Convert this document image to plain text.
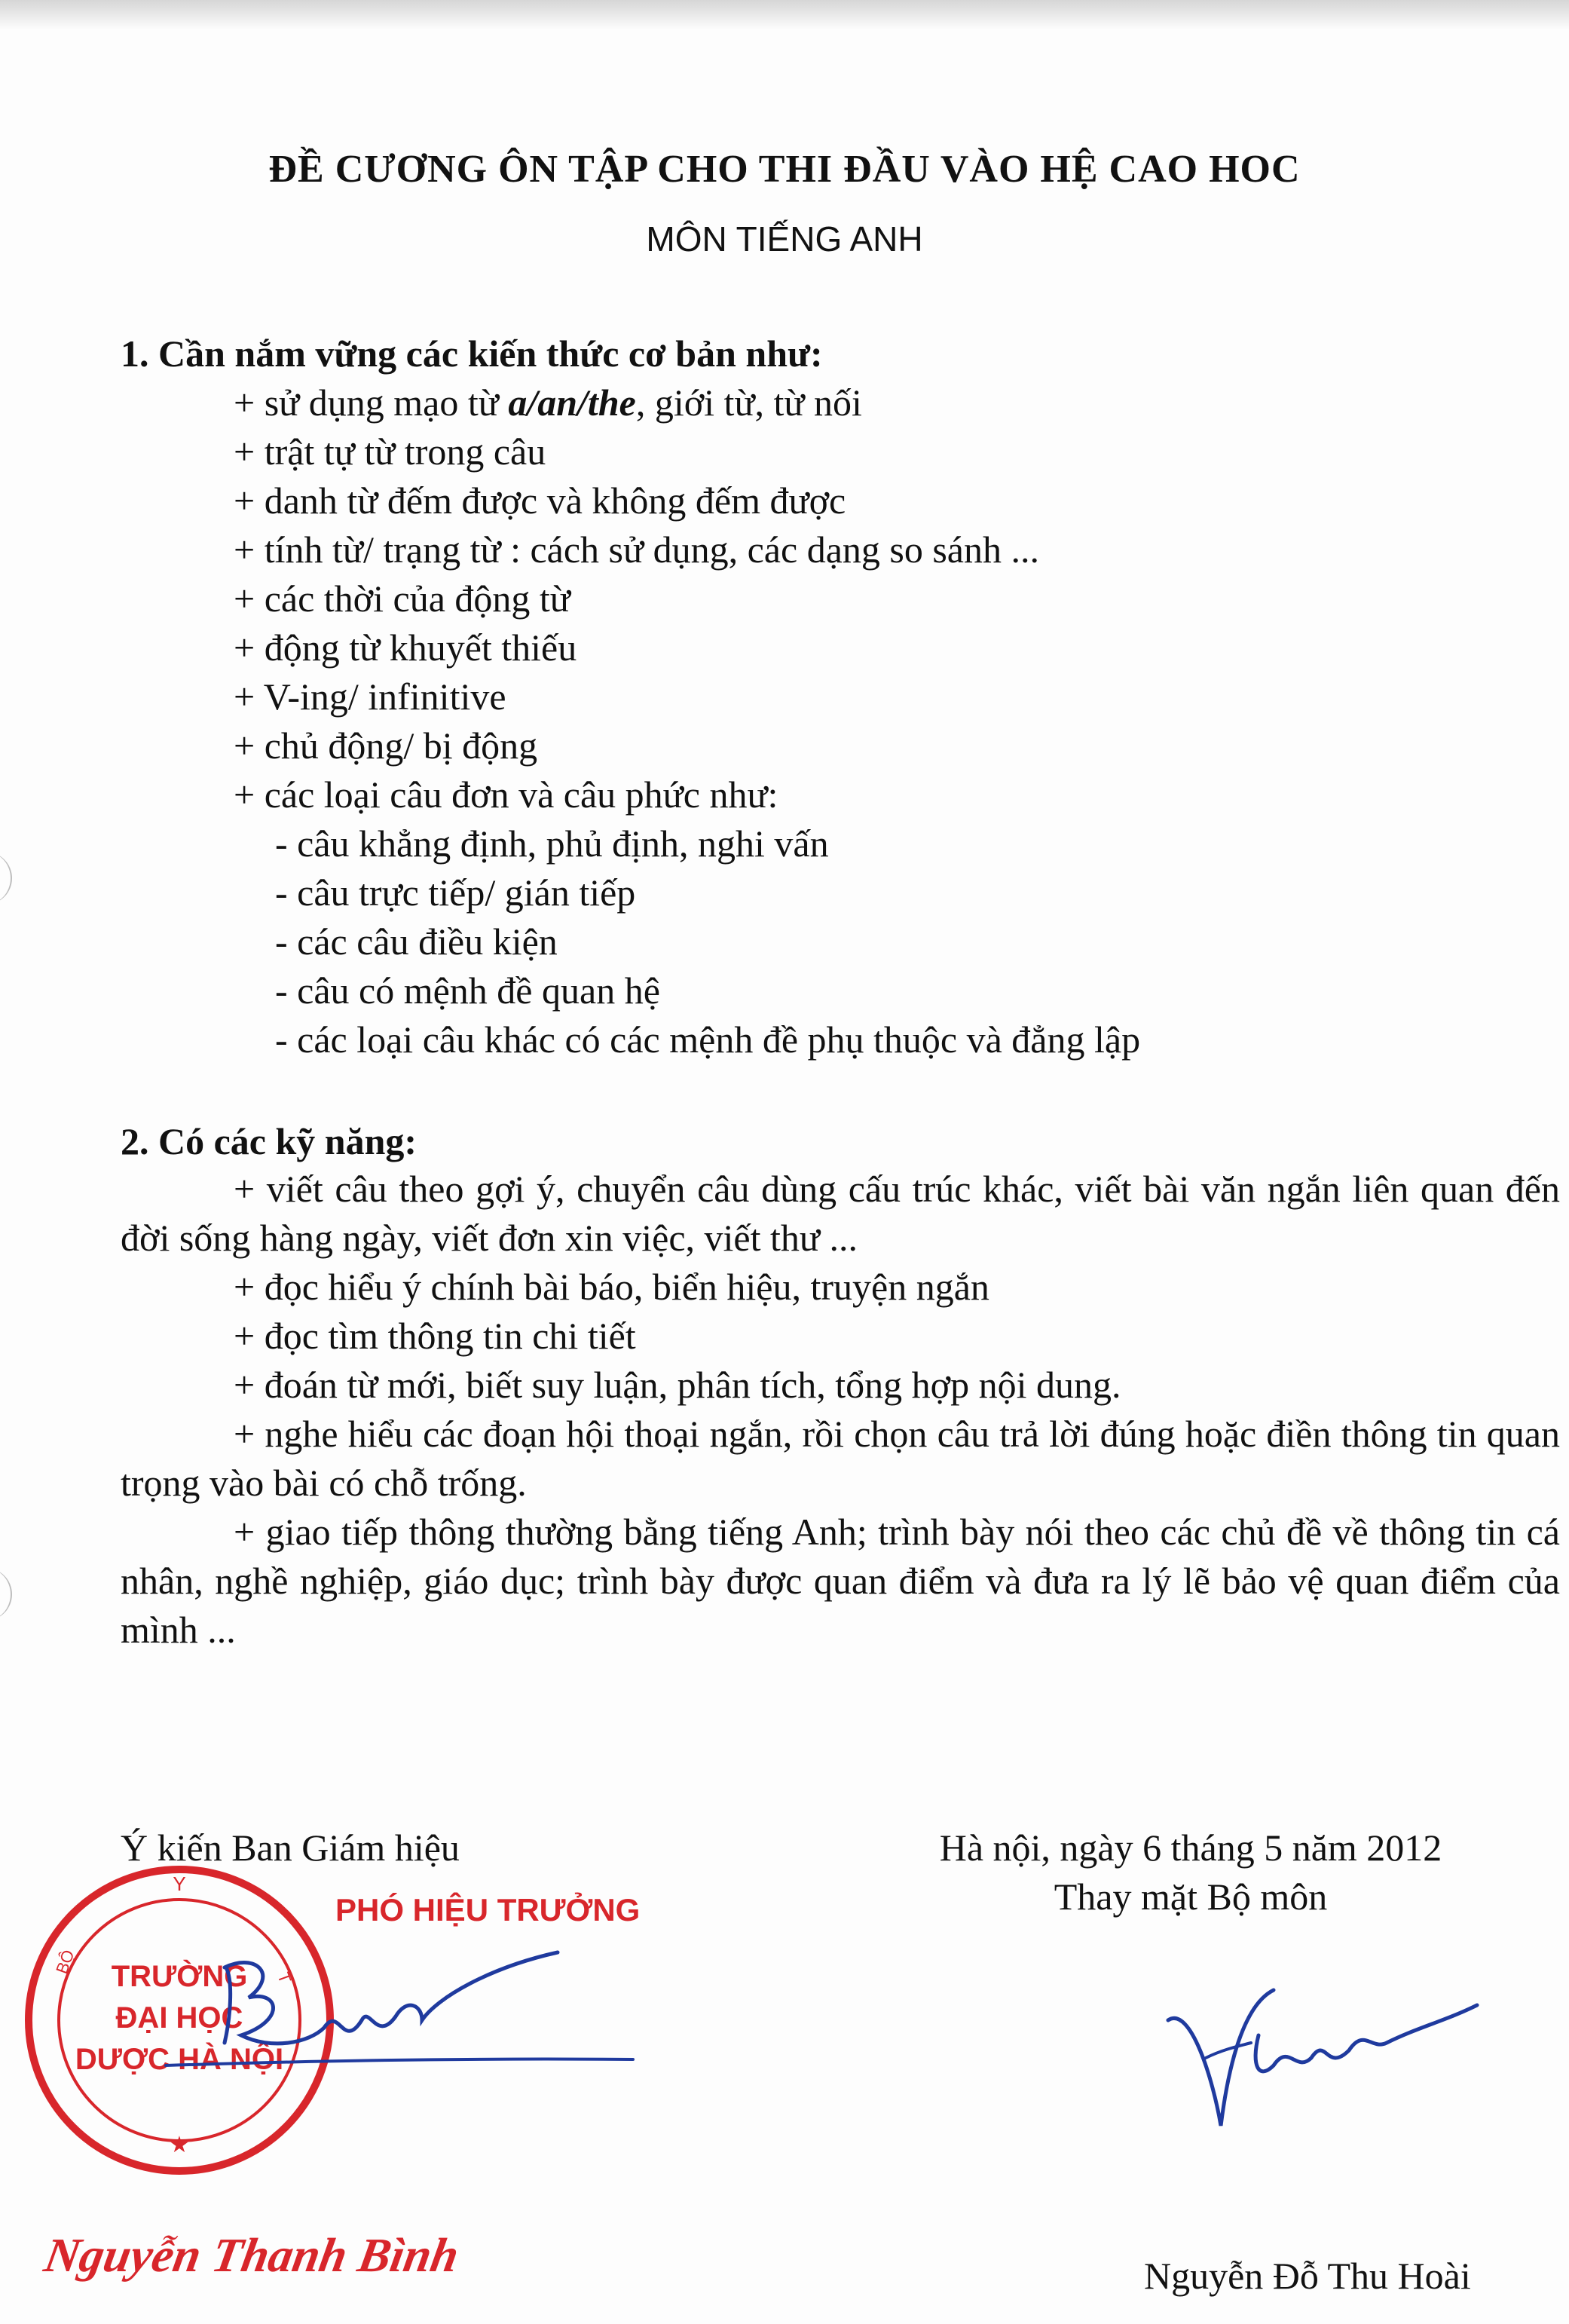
ĐỀ CƯƠNG ÔN TẬP CHO THI ĐẦU VÀO HỆ CAO HOC
MÔN TIẾNG ANH
1. Cần nắm vững các kiến thức cơ bản như:
+ sử dụng mạo từ a/an/the, giới từ, từ nối
+ trật tự từ trong câu
+ danh từ đếm được và không đếm được
+ tính từ/ trạng từ : cách sử dụng, các dạng so sánh ...
+ các thời của động từ
+ động từ khuyết thiếu
+ V-ing/ infinitive
+ chủ động/ bị động
+ các loại câu đơn và câu phức như:
- câu khẳng định, phủ định, nghi vấn
- câu trực tiếp/ gián tiếp
- các câu điều kiện
- câu có mệnh đề quan hệ
- các loại câu khác có các mệnh đề phụ thuộc và đẳng lập
2. Có các kỹ năng:
+ viết câu theo gợi ý, chuyển câu dùng cấu trúc khác, viết bài văn ngắn liên quan đến đời sống hàng ngày, viết đơn xin việc, viết thư ...
+ đọc hiểu ý chính bài báo, biển hiệu, truyện ngắn
+ đọc tìm thông tin chi tiết
+ đoán từ mới, biết suy luận, phân tích, tổng hợp nội dung.
+ nghe hiểu các đoạn hội thoại ngắn, rồi chọn câu trả lời đúng hoặc điền thông tin quan trọng vào bài có chỗ trống.
+ giao tiếp thông thường bằng tiếng Anh; trình bày nói theo các chủ đề về thông tin cá nhân, nghề nghiệp, giáo dục; trình bày được quan điểm và đưa ra lý lẽ bảo vệ quan điểm của mình ...
Ý kiến Ban Giám hiệu	Hà nội, ngày 6 tháng 5 năm 2012
Thay mặt Bộ môn
Y
BỘ
T
★
TRƯỜNG
ĐẠI HỌC
DƯỢC HÀ NỘI
PHÓ HIỆU TRƯỞNG
Nguyễn Thanh Bình	Nguyễn Đỗ Thu Hoài
